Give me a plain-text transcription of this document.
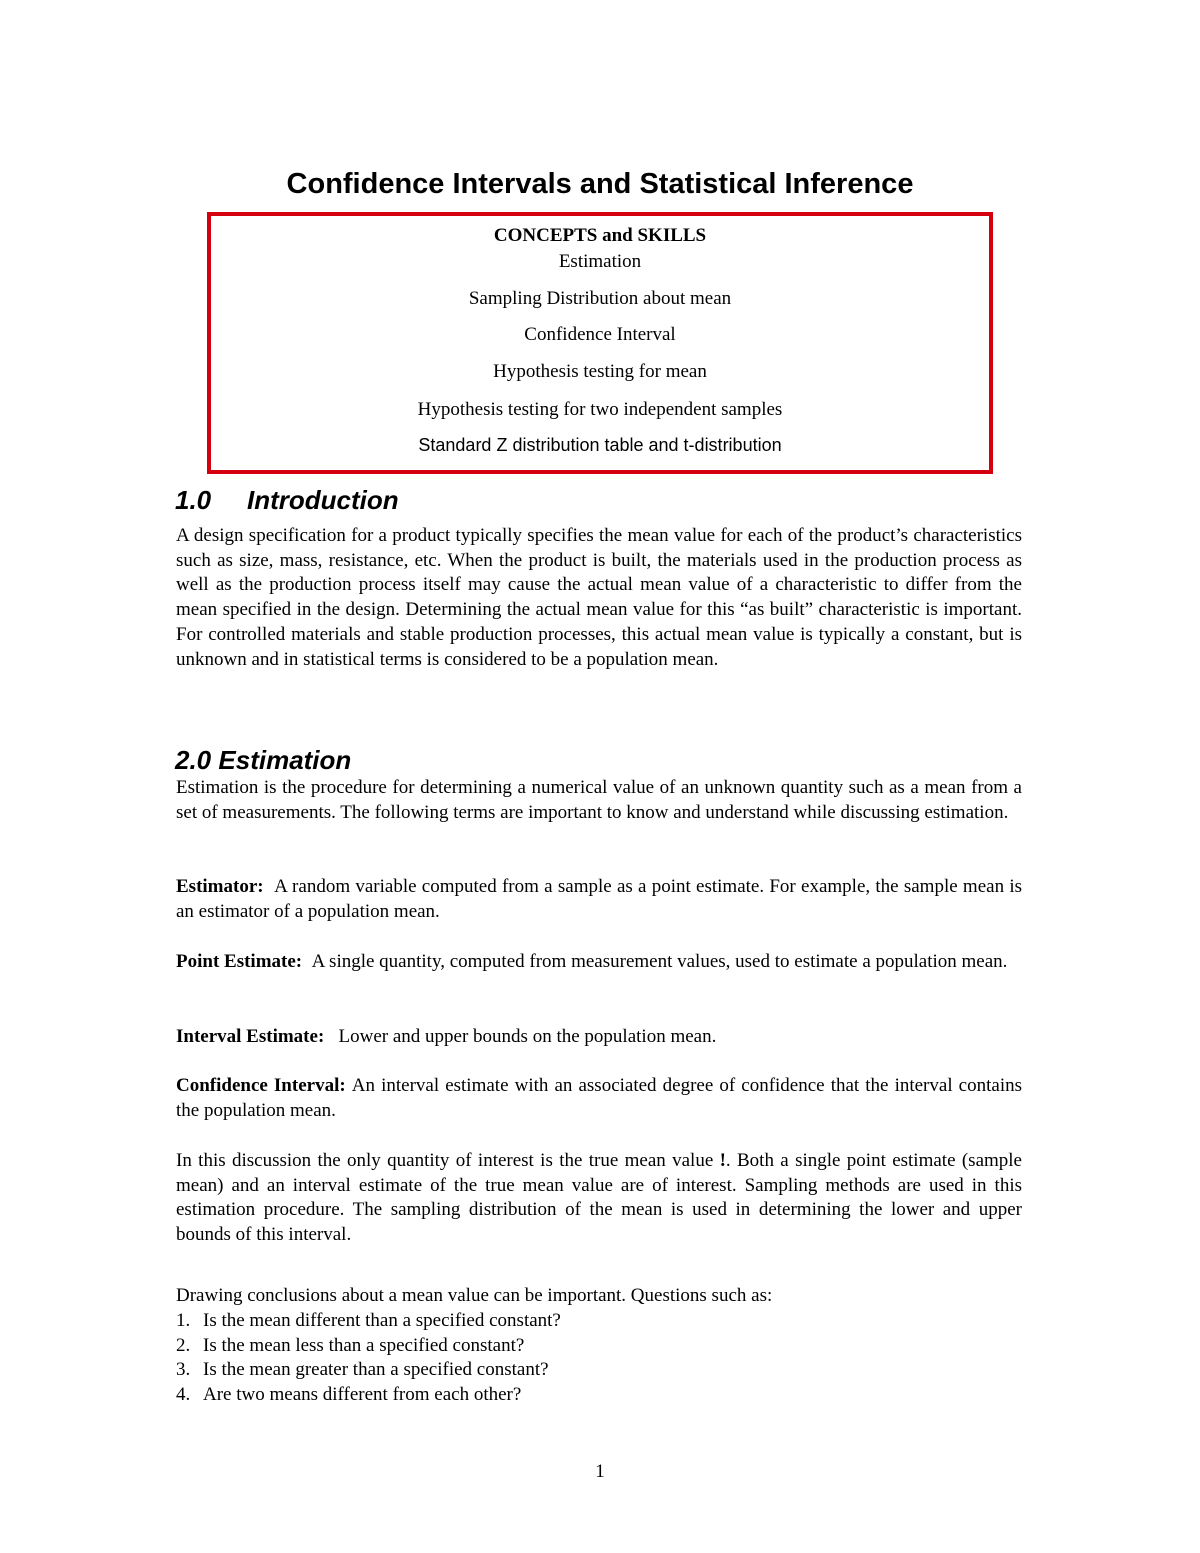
Confidence Intervals and Statistical Inference
CONCEPTS and SKILLS
Estimation
Sampling Distribution about mean
Confidence Interval
Hypothesis testing for mean
Hypothesis testing for two independent samples
Standard Z distribution table and t-distribution
1.0 Introduction
A design specification for a product typically specifies the mean value for each of the product’s characteristics such as size, mass, resistance, etc. When the product is built, the materials used in the production process as well as the production process itself may cause the actual mean value of a characteristic to differ from the mean specified in the design. Determining the actual mean value for this “as built” characteristic is important. For controlled materials and stable production processes, this actual mean value is typically a constant, but is unknown and in statistical terms is considered to be a population mean.
2.0 Estimation
Estimation is the procedure for determining a numerical value of an unknown quantity such as a mean from a set of measurements. The following terms are important to know and understand while discussing estimation.
Estimator: A random variable computed from a sample as a point estimate. For example, the sample mean is an estimator of a population mean.
Point Estimate: A single quantity, computed from measurement values, used to estimate a population mean.
Interval Estimate: Lower and upper bounds on the population mean.
Confidence Interval: An interval estimate with an associated degree of confidence that the interval contains the population mean.
In this discussion the only quantity of interest is the true mean value !. Both a single point estimate (sample mean) and an interval estimate of the true mean value are of interest. Sampling methods are used in this estimation procedure. The sampling distribution of the mean is used in determining the lower and upper bounds of this interval.
Drawing conclusions about a mean value can be important. Questions such as:
1. Is the mean different than a specified constant?
2. Is the mean less than a specified constant?
3. Is the mean greater than a specified constant?
4. Are two means different from each other?
1
